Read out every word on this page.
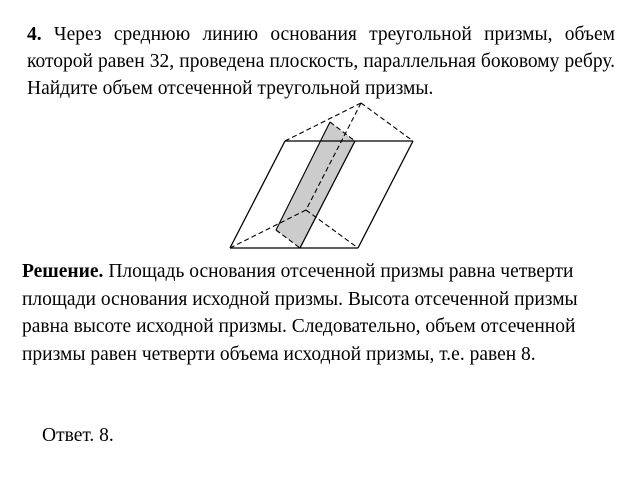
4. Через среднюю линию основания треугольной призмы, объем которой равен 32, проведена плоскость, параллельная боковому ребру. Найдите объем отсеченной треугольной призмы.

Решение. Площадь основания отсеченной призмы равна четверти площади основания исходной призмы. Высота отсеченной призмы равна высоте исходной призмы. Следовательно, объем отсеченной призмы равен четверти объема исходной призмы, т.е. равен 8.

Ответ. 8.
